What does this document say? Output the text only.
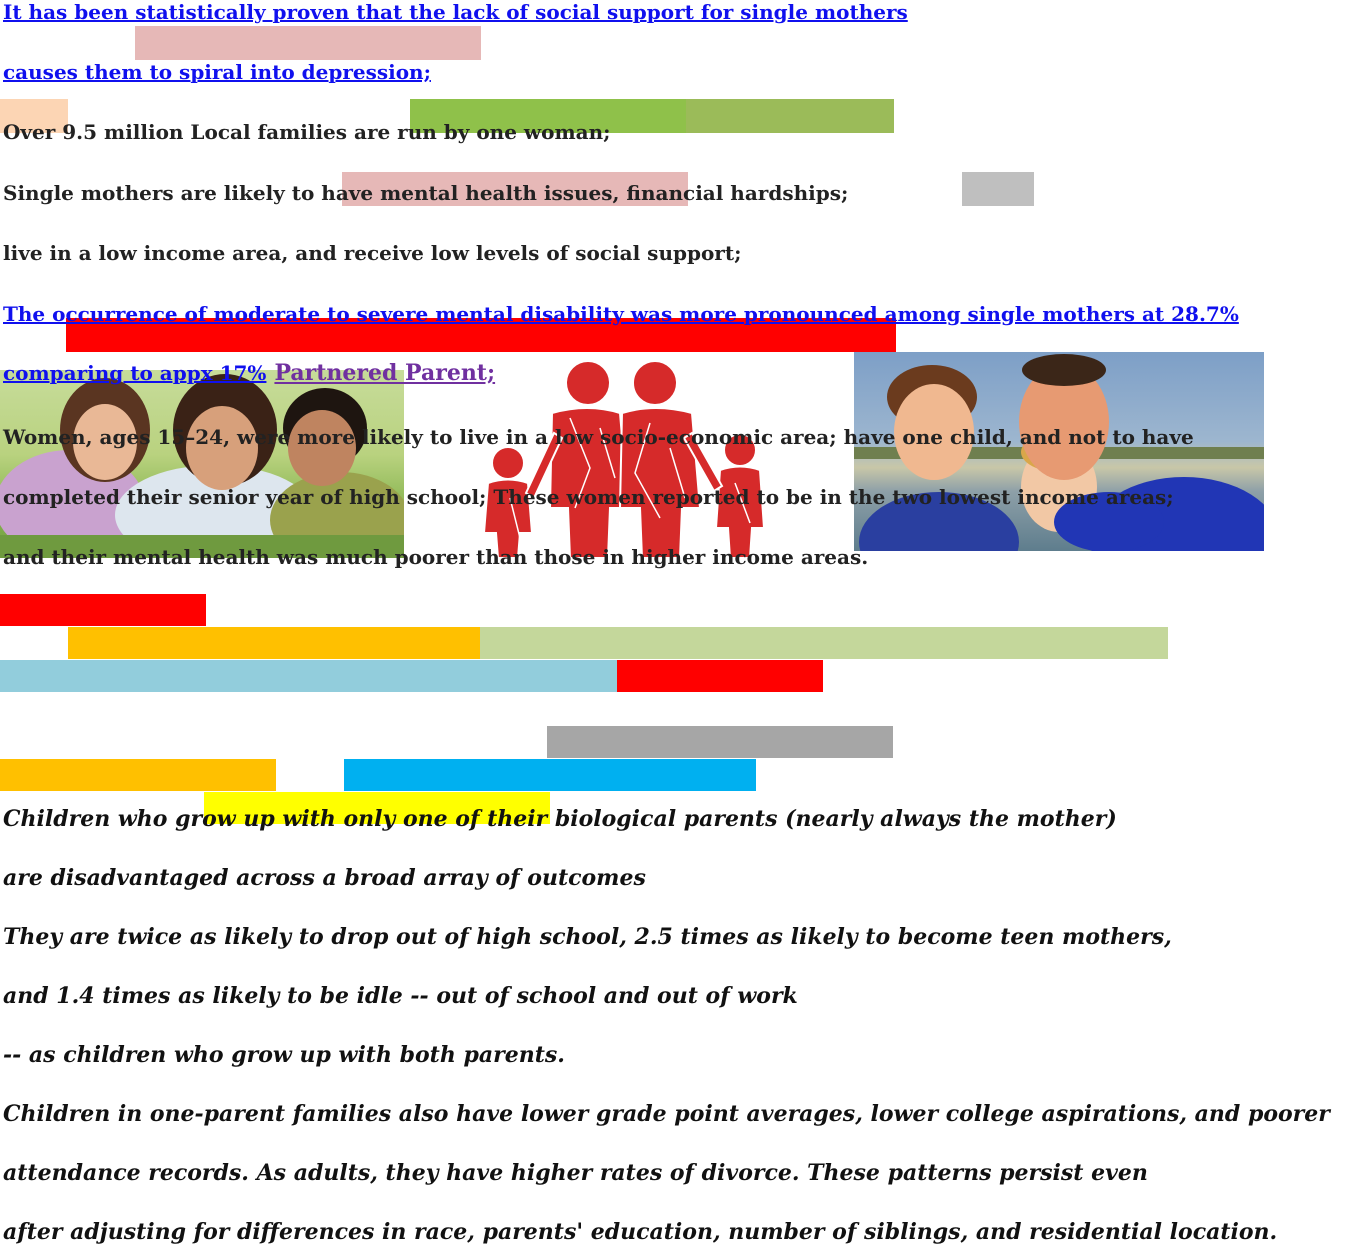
It has been statistically proven that the lack of social support for single mothers
causes them to spiral into depression;
Over 9.5 million Local families are run by one woman;
Single mothers are likely to have mental health issues, financial hardships;
live in a low income area, and receive low levels of social support;
The occurrence of moderate to severe mental disability was more pronounced among single mothers at 28.7%
comparing to appx 17% Partnered Parent;
Women, ages 15–24, were more likely to live in a low socio-economic area; have one child, and not to have
completed their senior year of high school; These women reported to be in the two lowest income areas;
and their mental health was much poorer than those in higher income areas.
Children who grow up with only one of their biological parents (nearly always the mother)
are disadvantaged across a broad array of outcomes
They are twice as likely to drop out of high school, 2.5 times as likely to become teen mothers,
and 1.4 times as likely to be idle -- out of school and out of work
-- as children who grow up with both parents.
Children in one-parent families also have lower grade point averages, lower college aspirations, and poorer
attendance records. As adults, they have higher rates of divorce. These patterns persist even
after adjusting for differences in race, parents' education, number of siblings, and residential location.
